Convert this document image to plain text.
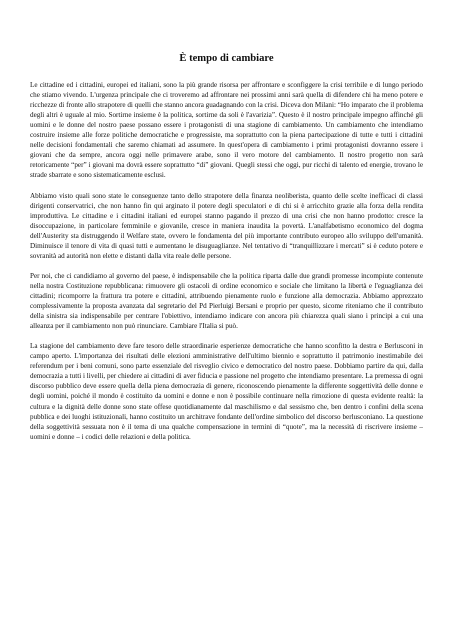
È tempo di cambiare

Le cittadine ed i cittadini, europei ed italiani, sono la più grande risorsa per affrontare e sconfiggere la crisi terribile e di lungo periodo che stiamo vivendo. L'urgenza principale che ci troveremo ad affrontare nei prossimi anni sarà quella di difendere chi ha meno potere e ricchezze di fronte allo strapotere di quelli che stanno ancora guadagnando con la crisi. Diceva don Milani: “Ho imparato che il problema degli altri è uguale al mio. Sortirne insieme è la politica, sortirne da soli è l'avarizia”. Questo è il nostro principale impegno affinché gli uomini e le donne del nostro paese possano essere i protagonisti di una stagione di cambiamento. Un cambiamento che intendiamo costruire insieme alle forze politiche democratiche e progressiste, ma soprattutto con la piena partecipazione di tutte e tutti i cittadini nelle decisioni fondamentali che saremo chiamati ad assumere. In quest'opera di cambiamento i primi protagonisti dovranno essere i giovani che da sempre, ancora oggi nelle primavere arabe, sono il vero motore del cambiamento. Il nostro progetto non sarà retoricamente “per” i giovani ma dovrà essere soprattutto “di” giovani. Quegli stessi che oggi, pur ricchi di talento ed energie, trovano le strade sbarrate e sono sistematicamente esclusi.

Abbiamo visto quali sono state le conseguenze tanto dello strapotere della finanza neoliberista, quanto delle scelte inefficaci di classi dirigenti conservatrici, che non hanno fin qui arginato il potere degli speculatori e di chi si è arricchito grazie alla forza della rendita improduttiva. Le cittadine e i cittadini italiani ed europei stanno pagando il prezzo di una crisi che non hanno prodotto: cresce la disoccupazione, in particolare femminile e giovanile, cresce in maniera inaudita la povertà. L'analfabetismo economico del dogma dell'Austerity sta distruggendo il Welfare state, ovvero le fondamenta del più importante contributo europeo allo sviluppo dell'umanità. Diminuisce il tenore di vita di quasi tutti e aumentano le disuguaglianze. Nel tentativo di “tranquillizzare i mercati” si è ceduto potere e sovranità ad autorità non elette e distanti dalla vita reale delle persone.

Per noi, che ci candidiamo al governo del paese, è indispensabile che la politica riparta dalle due grandi promesse incompiute contenute nella nostra Costituzione repubblicana: rimuovere gli ostacoli di ordine economico e sociale che limitano la libertà e l'eguaglianza dei cittadini; ricomporre la frattura tra potere e cittadini, attribuendo pienamente ruolo e funzione alla democrazia. Abbiamo apprezzato complessivamente la proposta avanzata dal segretario del Pd Pierluigi Bersani e proprio per questo, sicome riteniamo che il contributo della sinistra sia indispensabile per centrare l'obiettivo, intendiamo indicare con ancora più chiarezza quali siano i principi a cui una alleanza per il cambiamento non può rinunciare. Cambiare l'Italia si può.

La stagione del cambiamento deve fare tesoro delle straordinarie esperienze democratiche che hanno sconfitto la destra e Berlusconi in campo aperto. L'importanza dei risultati delle elezioni amministrative dell'ultimo biennio e soprattutto il patrimonio inestimabile dei referendum per i beni comuni, sono parte essenziale del risveglio civico e democratico del nostro paese. Dobbiamo partire da qui, dalla democrazia a tutti i livelli, per chiedere ai cittadini di aver fiducia e passione nel progetto che intendiamo presentare. La premessa di ogni discorso pubblico deve essere quella della piena democrazia di genere, riconoscendo pienamente la differente soggettività delle donne e degli uomini, poiché il mondo è costituito da uomini e donne e non è possibile continuare nella rimozione di questa evidente realtà: la cultura e la dignità delle donne sono state offese quotidianamente dal maschilismo e dal sessismo che, ben dentro i confini della scena pubblica e dei luoghi istituzionali, hanno costituito un architrave fondante dell'ordine simbolico del discorso berlusconiano. La questione della soggettività sessuata non è il tema di una qualche compensazione in termini di “quote”, ma la necessità di riscrivere insieme – uomini e donne – i codici delle relazioni e della politica.
